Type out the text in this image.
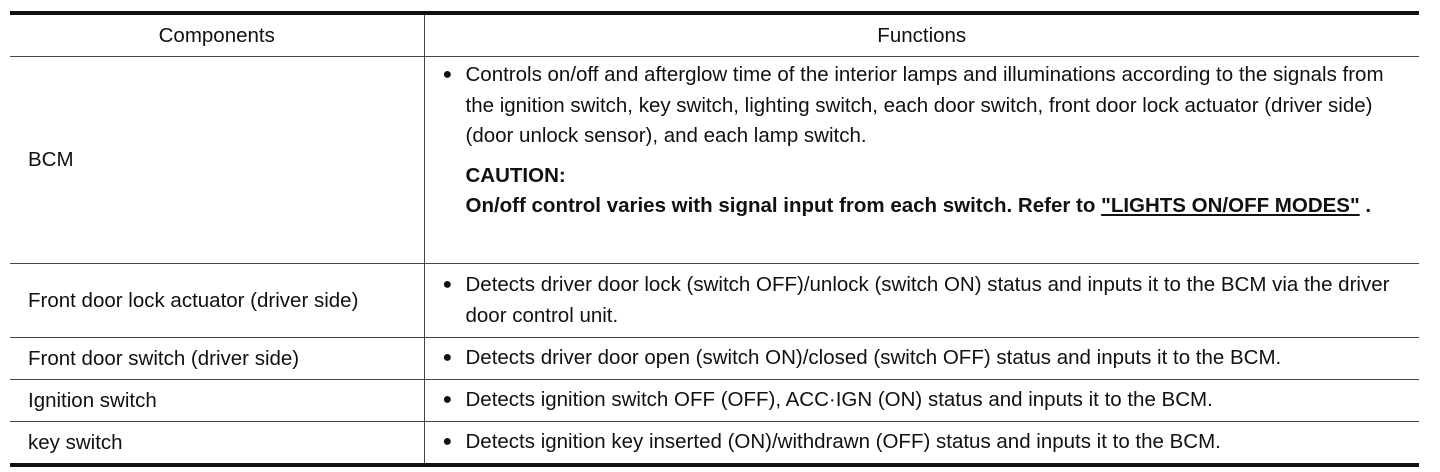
Components	Functions
BCM	● Controls on/off and afterglow time of the interior lamps and illuminations according to the signals from the ignition switch, key switch, lighting switch, each door switch, front door lock actuator (driver side) (door unlock sensor), and each lamp switch.
CAUTION:
On/off control varies with signal input from each switch. Refer to "LIGHTS ON/OFF MODES" .

Front door lock actuator (driver side)	● Detects driver door lock (switch OFF)/unlock (switch ON) status and inputs it to the BCM via the driver door control unit.

Front door switch (driver side)	● Detects driver door open (switch ON)/closed (switch OFF) status and inputs it to the BCM.

Ignition switch	● Detects ignition switch OFF (OFF), ACC·IGN (ON) status and inputs it to the BCM.

key switch	● Detects ignition key inserted (ON)/withdrawn (OFF) status and inputs it to the BCM.
